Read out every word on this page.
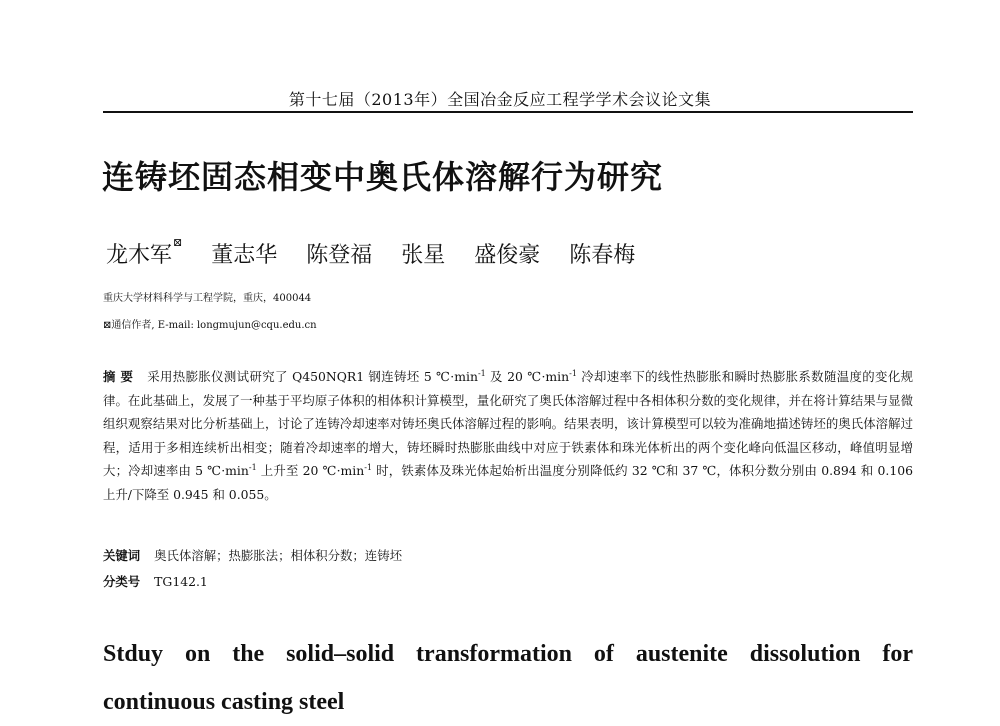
第十七届（2013年）全国冶金反应工程学学术会议论文集
连铸坯固态相变中奥氏体溶解行为研究
龙木军⊠ 董志华 陈登福 张星 盛俊豪 陈春梅
重庆大学材料科学与工程学院，重庆，400044
⊠通信作者, E-mail: longmujun@cqu.edu.cn
摘 要 采用热膨胀仪测试研究了 Q450NQR1 钢连铸坯 5 $℃\cdot\min^{-1}$ 及 20 $℃\cdot\min^{-1}$ 冷却速率下的线性热膨胀和瞬时热膨胀系数随温度的变化规律。在此基础上，发展了一种基于平均原子体积的相体积计算模型，量化研究了奥氏体溶解过程中各相体积分数的变化规律，并在将计算结果与显微组织观察结果对比分析基础上，讨论了连铸冷却速率对铸坯奥氏体溶解过程的影响。结果表明，该计算模型可以较为准确地描述铸坯的奥氏体溶解过程，适用于多相连续析出相变；随着冷却速率的增大，铸坯瞬时热膨胀曲线中对应于铁素体和珠光体析出的两个变化峰向低温区移动，峰值明显增大；冷却速率由 5 $℃\cdot\min^{-1}$ 上升至 20 $℃\cdot\min^{-1}$ 时，铁素体及珠光体起始析出温度分别降低约 32 ℃和 37 ℃，体积分数分别由 0.894 和 0.106 上升/下降至 0.945 和 0.055。
关键词 奥氏体溶解；热膨胀法；相体积分数；连铸坯
分类号 TG142.1
Stduy on the solid–solid transformation of austenite dissolution for
continuous casting steel
